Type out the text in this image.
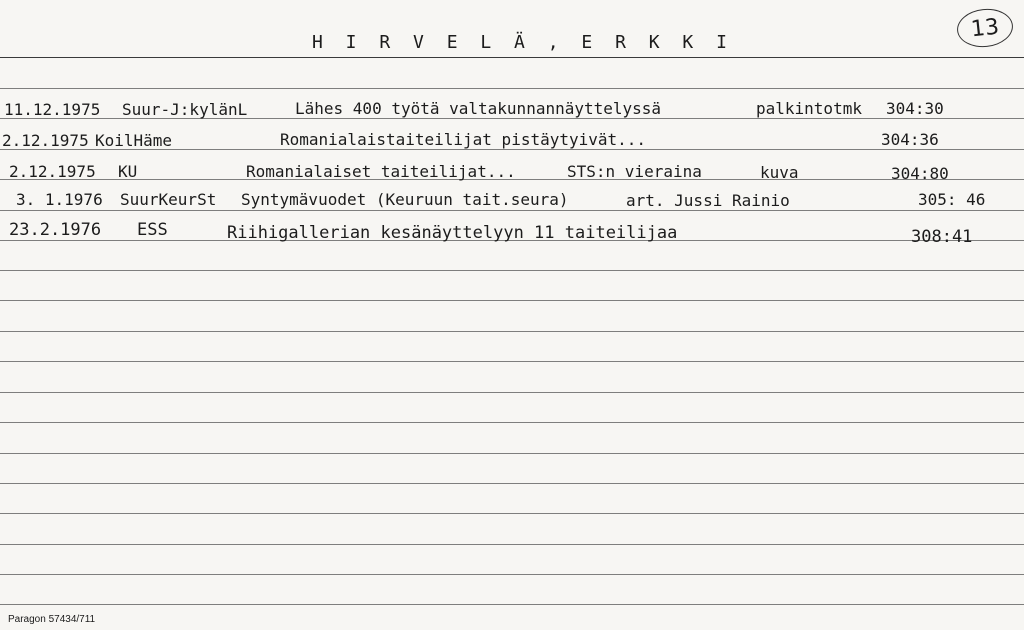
H I R V E L Ä , E R K K I
13
11.12.1975 Suur-J:kylänL	Lähes 400 työtä valtakunnannäyttelyssä	palkintotmk 304:30
2.12.1975 KoilHäme	Romanialaistaiteilijat pistäytyivät...	304:36
2.12.1975 KU	Romanialaiset taiteilijat...	STS:n vieraina	kuva	304:80
3. 1.1976 SuurKeurSt Syntymävuodet (Keuruun tait.seura)	art. Jussi Rainio	305: 46
23.2.1976 ESS	Riihigallerian kesänäyttelyyn 11 taiteilijaa	308:41
Paragon 57434/711
